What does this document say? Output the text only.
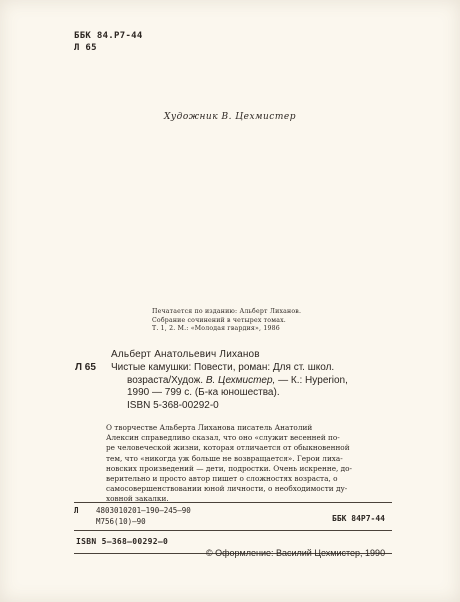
ББК 84.Р7-44
Л 65
Художник В. Цехмистер
Печатается по изданию: Альберт Лиханов.
Собрание сочинений в четырех томах.
Т. 1, 2. М.: «Молодая гвардия», 1986
Альберт Анатольевич Лиханов
Л 65 Чистые камушки: Повести, роман: Для ст. школ.
возраста/Худож. В. Цехмистер, — К.: Hyperion,
1990 — 799 с. (Б-ка юношества).
ISBN 5-368-00292-0
О творчестве Альберта Лиханова писатель Анатолий
Алексин справедливо сказал, что оно «служит весенней по-
ре человеческой жизни, которая отличается от обыкновенной
тем, что «никогда уж больше не возвращается». Герои лиха-
новских произведений — дети, подростки. Очень искренне, до-
верительно и просто автор пишет о сложностях возраста, о
самосовершенствовании юной личности, о необходимости ду-
ховной закалки.
Л 4803010201—190—245—90
М756(10)—90	ББК 84Р7-44
ISBN 5—368—00292—0
© Оформление: Василий Цехмистер, 1990
